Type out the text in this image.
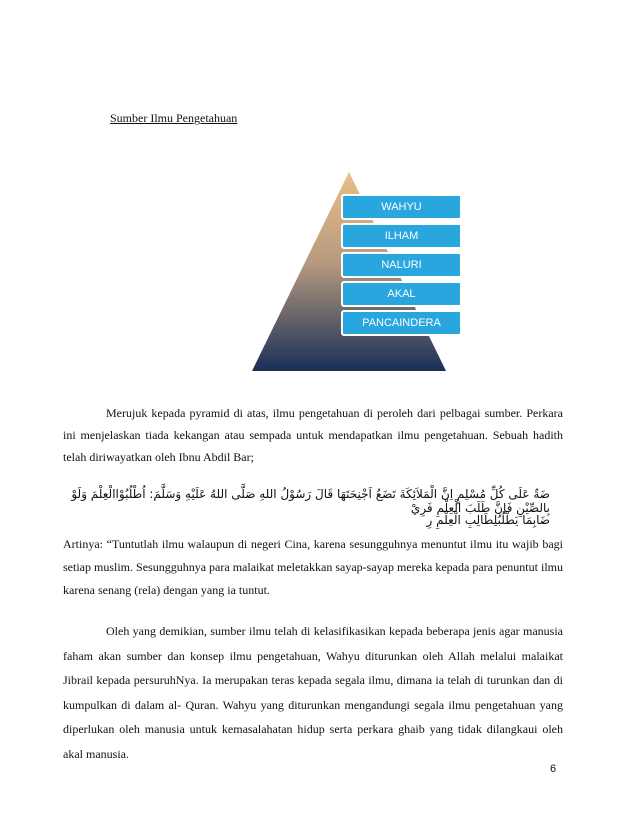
Sumber Ilmu Pengetahuan
WAHYU
ILHAM
NALURI
AKAL
PANCAINDERA

Merujuk kepada pyramid di atas, ilmu pengetahuan di peroleh dari pelbagai sumber. Perkara ini menjelaskan tiada kekangan atau sempada untuk mendapatkan ilmu pengetahuan. Sebuah hadith telah diriwayatkan oleh Ibnu Abdil Bar;

ضَةٌ عَلَى كُلِّ مُسْلِمٍ اِنَّ الْمَلاَئِكَةَ تَضَعُ اَجْنِحَتَهَا قَالَ رَسُوْلُ اللهِ صَلَّى اللهُ عَلَيْهِ وَسَلَّمَ: اُطْلُبُوْاالْعِلْمَ وَلَوْ بِالصِّيْنِ فَاِنَّ طَلَبَ الْعِلْمِ فَرِيْ
ضَابِمَا يَطْلُبُلِطَالِبِ الْعِلْمِ رِ

Artinya: “Tuntutlah ilmu walaupun di negeri Cina, karena sesungguhnya menuntut ilmu itu wajib bagi setiap muslim. Sesungguhnya para malaikat meletakkan sayap-sayap mereka kepada para penuntut ilmu karena senang (rela) dengan yang ia tuntut.

Oleh yang demikian, sumber ilmu telah di kelasifikasikan kepada beberapa jenis agar manusia faham akan sumber dan konsep ilmu pengetahuan, Wahyu diturunkan oleh Allah melalui malaikat Jibrail kepada persuruhNya. Ia merupakan teras kepada segala ilmu, dimana ia telah di turunkan dan di kumpulkan di dalam al- Quran. Wahyu yang diturunkan mengandungi segala ilmu pengetahuan yang diperlukan oleh manusia untuk kemasalahatan hidup serta perkara ghaib yang tidak dilangkaui oleh akal manusia.

6
